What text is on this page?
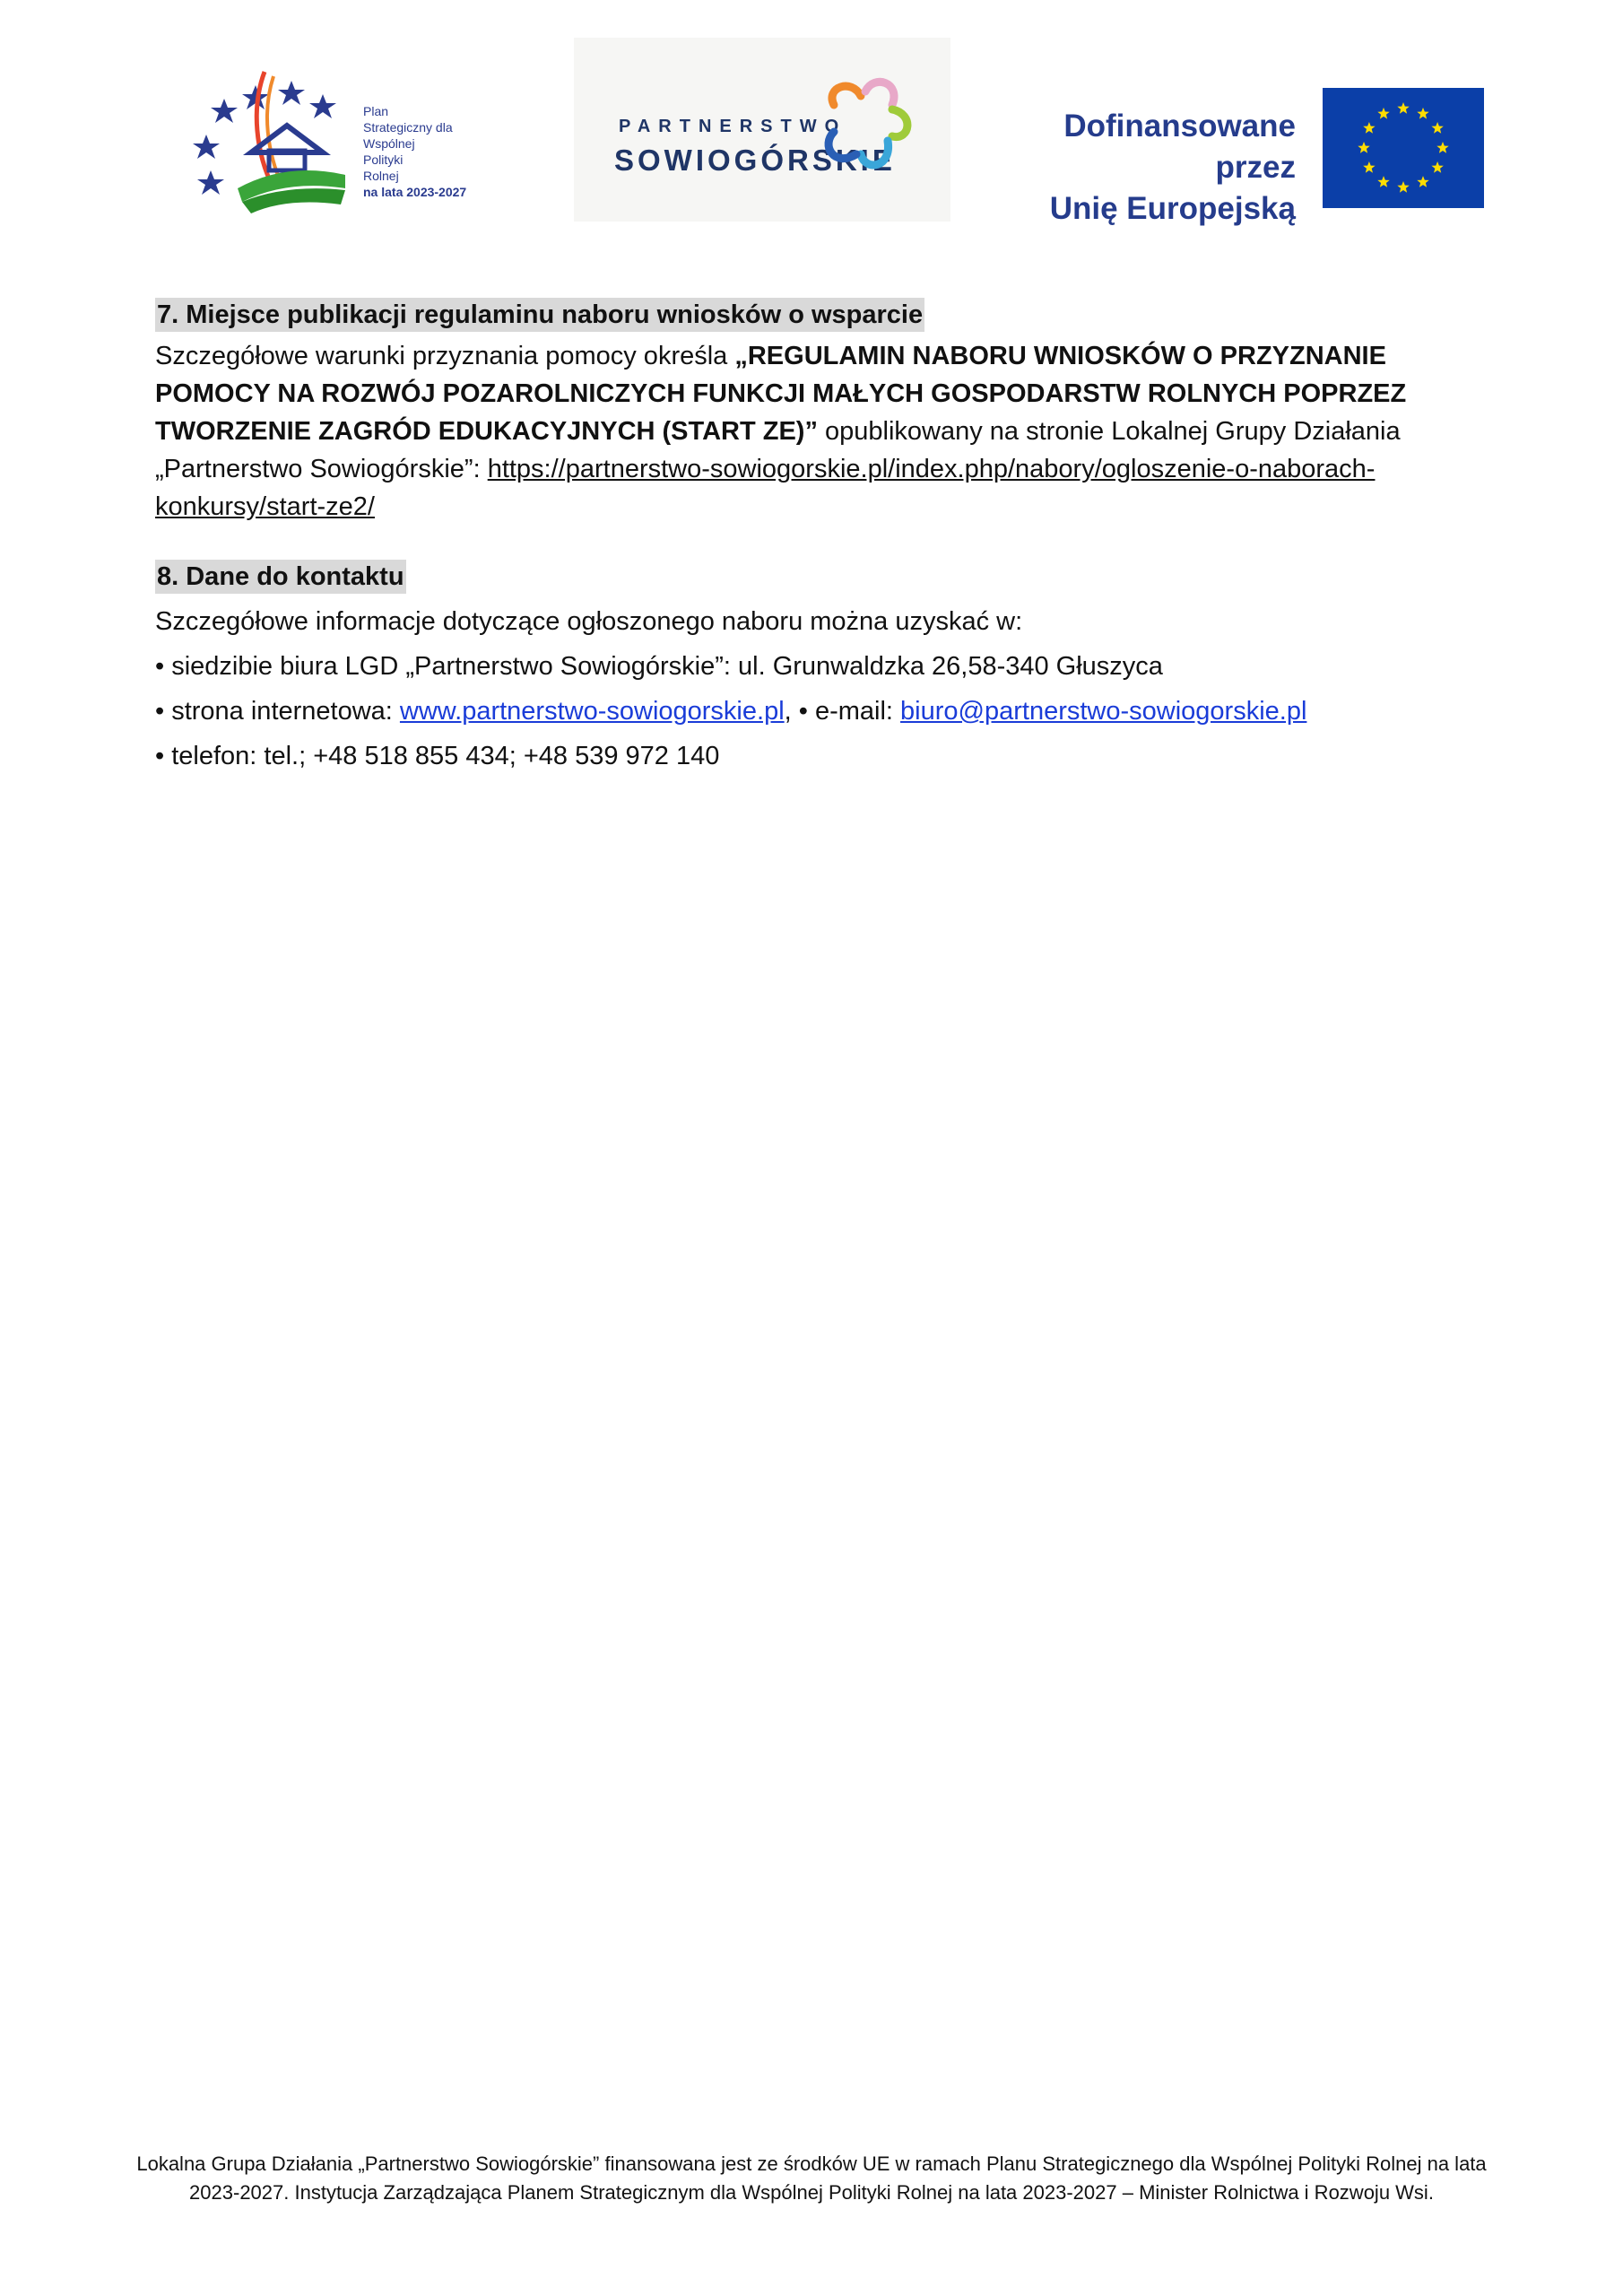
Plan
Strategiczny dla
Wspólnej
Polityki
Rolnej
na lata 2023-2027
PARTNERSTWO
SOWIOGÓRSKIE
Dofinansowane przez
Unię Europejską
7. Miejsce publikacji regulaminu naboru wniosków o wsparcie
Szczegółowe warunki przyznania pomocy określa „REGULAMIN NABORU WNIOSKÓW O PRZYZNANIE POMOCY NA ROZWÓJ POZAROLNICZYCH FUNKCJI MAŁYCH GOSPODARSTW ROLNYCH POPRZEZ TWORZENIE ZAGRÓD EDUKACYJNYCH (START ZE)” opublikowany na stronie Lokalnej Grupy Działania „Partnerstwo Sowiogórskie”: https://partnerstwo-sowiogorskie.pl/index.php/nabory/ogloszenie-o-naborach-konkursy/start-ze2/
8. Dane do kontaktu
Szczegółowe informacje dotyczące ogłoszonego naboru można uzyskać w:
• siedzibie biura LGD „Partnerstwo Sowiogórskie”: ul. Grunwaldzka 26,58-340 Głuszyca
• strona internetowa: www.partnerstwo-sowiogorskie.pl, • e-mail: biuro@partnerstwo-sowiogorskie.pl
• telefon: tel.; +48 518 855 434; +48 539 972 140
Lokalna Grupa Działania „Partnerstwo Sowiogórskie” finansowana jest ze środków UE w ramach Planu Strategicznego dla Wspólnej Polityki Rolnej na lata 2023-2027. Instytucja Zarządzająca Planem Strategicznym dla Wspólnej Polityki Rolnej na lata 2023-2027 – Minister Rolnictwa i Rozwoju Wsi.
